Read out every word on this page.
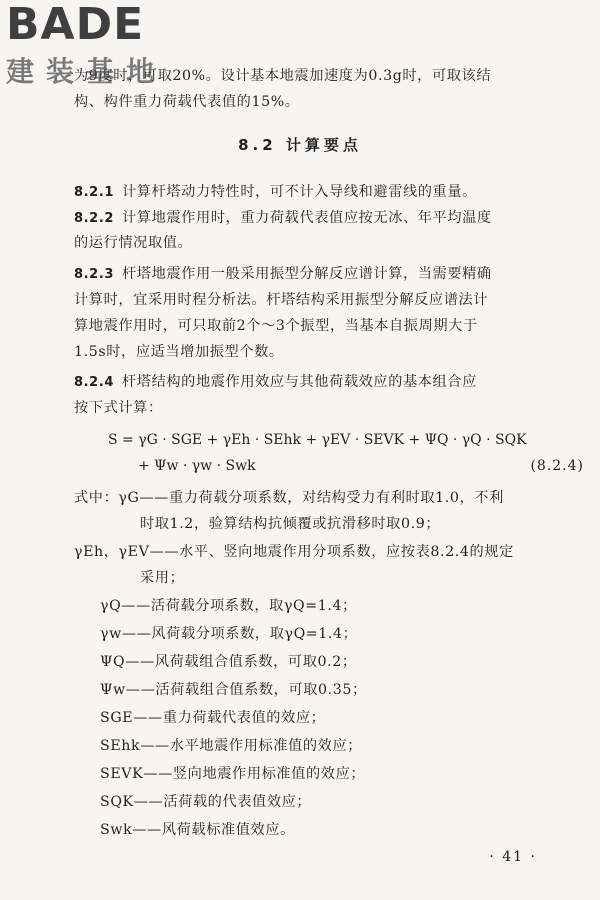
BADE
建装基地
为9度时，可取20%。设计基本地震加速度为0.3g时，可取该结
构、构件重力荷载代表值的15%。
8.2 计算要点
8.2.1 计算杆塔动力特性时，可不计入导线和避雷线的重量。
8.2.2 计算地震作用时，重力荷载代表值应按无冰、年平均温度
的运行情况取值。
8.2.3 杆塔地震作用一般采用振型分解反应谱计算，当需要精确
计算时，宜采用时程分析法。杆塔结构采用振型分解反应谱法计
算地震作用时，可只取前2个～3个振型，当基本自振周期大于
1.5s时，应适当增加振型个数。
8.2.4 杆塔结构的地震作用效应与其他荷载效应的基本组合应
按下式计算：
S = γG · SGE + γEh · SEhk + γEV · SEVK + ΨQ · γQ · SQK
+ Ψw · γw · Swk	(8.2.4)
式中：γG——重力荷载分项系数，对结构受力有利时取1.0，不利
时取1.2，验算结构抗倾覆或抗滑移时取0.9；
γEh，γEV——水平、竖向地震作用分项系数，应按表8.2.4的规定
采用；
γQ——活荷载分项系数，取γQ=1.4；
γw——风荷载分项系数，取γQ=1.4；
ΨQ——风荷载组合值系数，可取0.2；
Ψw——活荷载组合值系数，可取0.35；
SGE——重力荷载代表值的效应；
SEhk——水平地震作用标准值的效应；
SEVK——竖向地震作用标准值的效应；
SQK——活荷载的代表值效应；
Swk——风荷载标准值效应。
· 41 ·
